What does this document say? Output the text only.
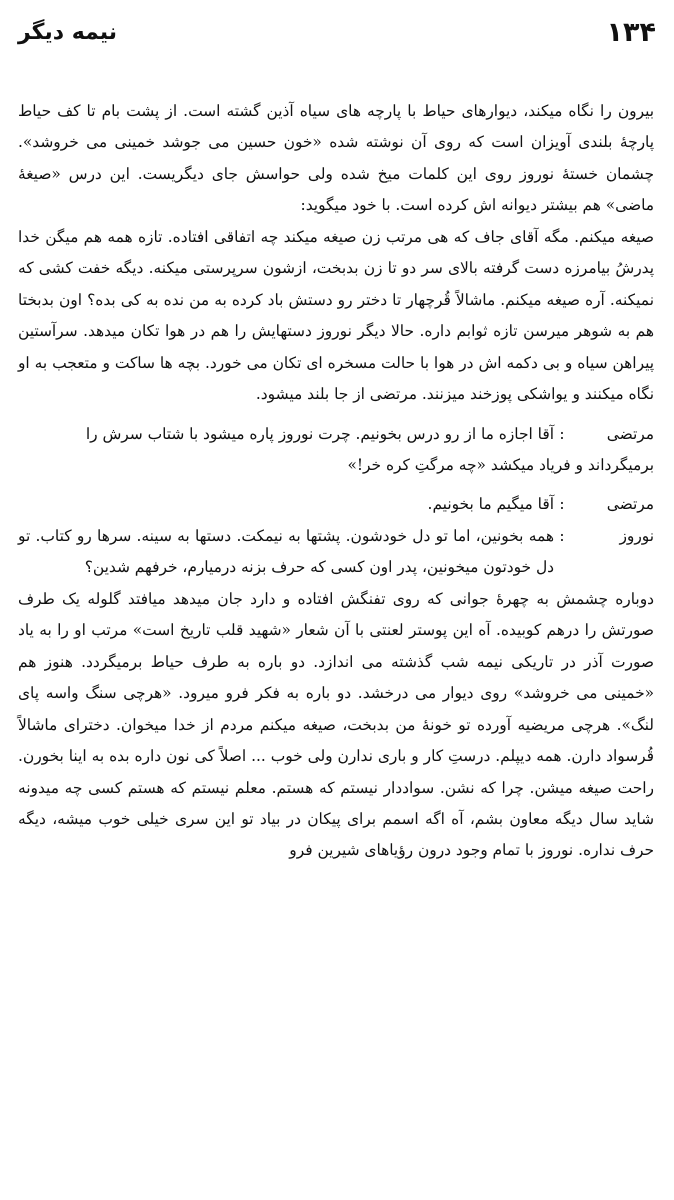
۱۳۴
نیمه دیگر

بیرون را نگاه میکند، دیوارهای حیاط با پارچه های سیاه آذین گشته است. از پشت بام تا کف حیاط پارچهٔ بلندی آویزان است که روی آن نوشته شده «خون حسین می جوشد خمینی می خروشد». چشمان خستهٔ نوروز روی این کلمات میخ شده ولی حواسش جای دیگریست. این درس «صیغهٔ ماضی» هم بیشتر دیوانه اش کرده است. با خود میگوید:

صیغه میکنم. مگه آقای جاف که هی مرتب زن صیغه میکند چه اتفاقی افتاده. تازه همه هم میگن خدا پدرشُ بیامرزه دست گرفته بالای سر دو تا زن بدبخت، ازشون سرپرستی میکنه. دیگه خفت کشی که نمیکنه. آره صیغه میکنم. ماشالاً قُرچهار تا دختر رو دستش باد کرده به من نده به کی بده؟ اون بدبختا هم به شوهر میرسن تازه ثوابم داره. حالا دیگر نوروز دستهایش را هم در هوا تکان میدهد. سرآستین پیراهن سیاه و بی دکمه اش در هوا با حالت مسخره ای تکان می خورد. بچه ها ساکت و متعجب به او نگاه میکنند و یواشکی پوزخند میزنند. مرتضی از جا بلند میشود.

مرتضی
:
آقا اجازه ما از رو درس بخونیم. چرت نوروز پاره میشود با شتاب سرش را
برمیگرداند و فریاد میکشد «چه مرگتِ کره خر!»
مرتضی
:
آقا میگیم ما بخونیم.
نوروز
:
همه بخونین، اما تو دل خودشون. پشتها به نیمکت. دستها به سینه. سرها رو کتاب. تو دل خودتون میخونین، پدر اون کسی که حرف بزنه درمیارم، خرفهم شدین؟

دوباره چشمش به چهرهٔ جوانی که روی تفنگش افتاده و دارد جان میدهد میافتد گلوله یک طرف صورتش را درهم کوبیده. آه این پوستر لعنتی با آن شعار «شهید قلب تاریخ است» مرتب او را به یاد صورت آذر در تاریکی نیمه شب گذشته می اندازد. دو باره به طرف حیاط برمیگردد. هنوز هم «خمینی می خروشد» روی دیوار می درخشد. دو باره به فکر فرو میرود. «هرچی سنگ واسه پای لنگ». هرچی مریضیه آورده تو خونهٔ من بدبخت، صیغه میکنم مردم از خدا میخوان. دخترای ماشالاً قُرسواد دارن. همه دیپلم. درستِ کار و باری ندارن ولی خوب ... اصلاً کی نون داره بده به اینا بخورن. راحت صیغه میشن. چرا که نشن. سواددار نیستم که هستم. معلم نیستم که هستم کسی چه میدونه شاید سال دیگه معاون بشم، آه اگه اسمم برای پیکان در بیاد تو این سری خیلی خوب میشه، دیگه حرف نداره. نوروز با تمام وجود درون رؤیاهای شیرین فرو
